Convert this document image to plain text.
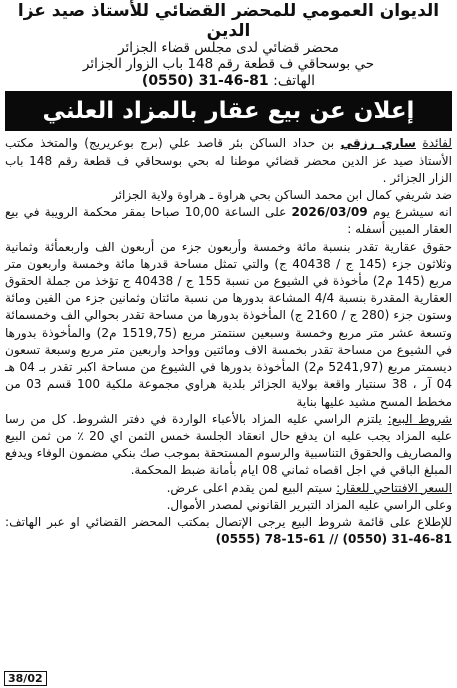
الديوان العمومي للمحضر القضائي للأستاذ صيد عزا الدين
محضر قضائي لدى مجلس قضاء الجزائر
حي بوسحاقي ف قطعة رقم 148 باب الزوار الجزائر
الهاتف: 81-46-31 (0550)
إعلان عن بيع عقار بالمزاد العلني

لفائدة ساري رزقي بن حداد الساكن بئر قاصد علي (برج بوعريريج) والمتخذ مكتب الأستاذ صيد عز الدين محضر قضائي موطنا له بحي بوسحاقي ف قطعة رقم 148 باب الزار الجزائر .

ضد شريفي كمال ابن محمد الساكن بحي هراوة ـ هراوة ولاية الجزائر

انه سيشرع يوم 2026/03/09 على الساعة 10,00 صباحا بمقر محكمة الرويبة في بيع العقار المبين أسفله :

حقوق عقارية تقدر بنسبة مائة وخمسة وأربعون جزء من أربعون الف واربعمأئة وثمانية وثلاثون جزء (145 ج / 40438 ج) والتي تمثل مساحة قدرها مائة وخمسة واربعون متر مربع (145 م2) مأخوذة في الشيوع من نسبة 155 ج / 40438 ج تؤخذ من جملة الحقوق العقارية المقدرة بنسبة 4/4 المشاعة بدورها من نسبة مائتان وثمانين جزء من الفين ومائة وستون جزء (280 ج / 2160 ج) المأخوذة بدورها من مساحة تقدر بحوالي الف وخمسمائة وتسعة عشر متر مربع وخمسة وسبعين سنتمتر مربع (1519,75 م2) والمأخوذة بدورها في الشيوع من مساحة تقدر بخمسة الاف ومائتين وواحد واربعين متر مربع وسبعة تسعون ديسمتر مربع (5241,97 م2) المأخوذة بدورها في الشيوع من مساحة اكبر تقدر بـ 04 هـ 04 آر ، 38 سنتيار واقعة بولاية الجزائر بلدية هراوي مجموعة ملكية 100 قسم 03 من مخطط المسح مشيد عليها بناية

شروط البيع: يلتزم الراسي عليه المزاد بالأعباء الواردة في دفتر الشروط. كل من رسا عليه المزاد يجب عليه ان يدفع حال انعقاد الجلسة خمس الثمن اي 20 ٪ من ثمن البيع والمصاريف والحقوق التناسبية والرسوم المستحقة بموجب صك بنكي مضمون الوفاء ويدفع المبلغ الباقي في اجل اقصاه ثماني 08 ايام بأمانة ضبط المحكمة.

السعر الافتتاحي للعقار: سيتم البيع لمن يقدم اعلى عرض.

وعلى الراسي عليه المزاد التبرير القانوني لمصدر الأموال.

للإطلاع على قائمة شروط البيع يرجى الإتصال بمكتب المحضر القضائي او عبر الهاتف: 81-46-31 (0550) // 61-15-78 (0555)

38/02
